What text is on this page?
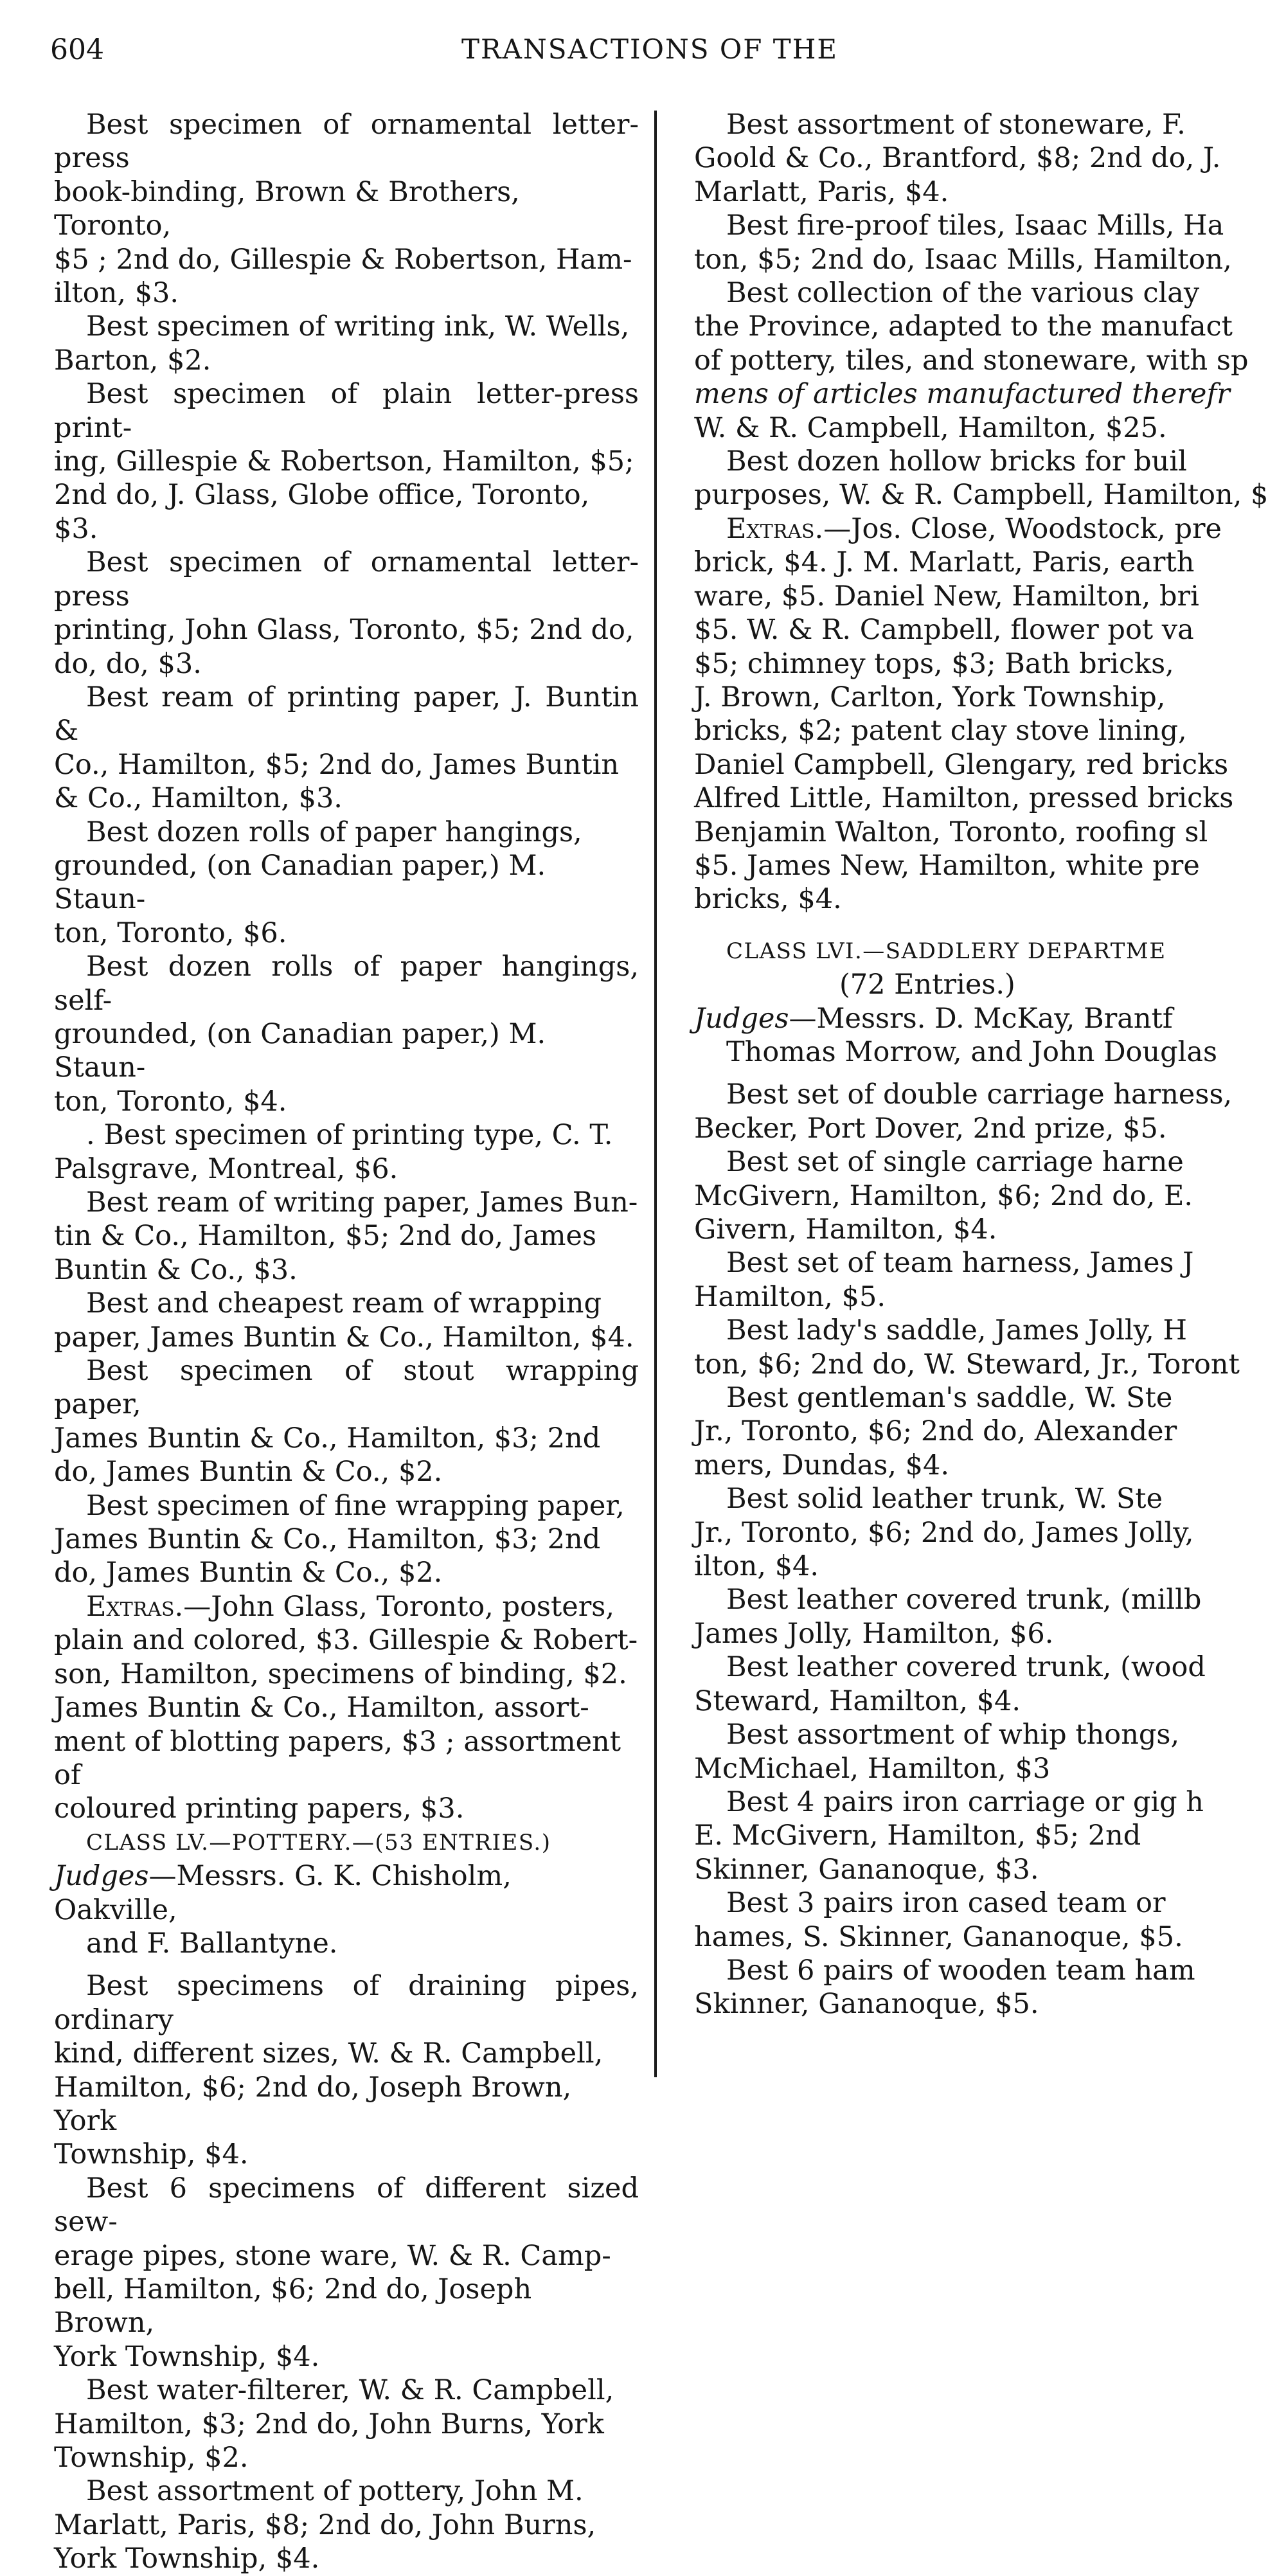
604	TRANSACTIONS OF THE

Best specimen of ornamental letter-press

book-binding, Brown & Brothers, Toronto,
$5 ; 2nd do, Gillespie & Robertson, Ham-
ilton, $3.

Best specimen of writing ink, W. Wells,

Barton, $2.

Best specimen of plain letter-press print-

ing, Gillespie & Robertson, Hamilton, $5;
2nd do, J. Glass, Globe office, Toronto, $3.

Best specimen of ornamental letter-press

printing, John Glass, Toronto, $5; 2nd do,
do, do, $3.

Best ream of printing paper, J. Buntin &

Co., Hamilton, $5; 2nd do, James Buntin
& Co., Hamilton, $3.

Best dozen rolls of paper hangings,

grounded, (on Canadian paper,) M. Staun-
ton, Toronto, $6.

Best dozen rolls of paper hangings, self-

grounded, (on Canadian paper,) M. Staun-
ton, Toronto, $4.

. Best specimen of printing type, C. T.

Palsgrave, Montreal, $6.

Best ream of writing paper, James Bun-

tin & Co., Hamilton, $5; 2nd do, James
Buntin & Co., $3.

Best and cheapest ream of wrapping

paper, James Buntin & Co., Hamilton, $4.

Best specimen of stout wrapping paper,

James Buntin & Co., Hamilton, $3; 2nd
do, James Buntin & Co., $2.

Best specimen of fine wrapping paper,

James Buntin & Co., Hamilton, $3; 2nd
do, James Buntin & Co., $2.

Extras.—John Glass, Toronto, posters,

plain and colored, $3. Gillespie & Robert-
son, Hamilton, specimens of binding, $2.
James Buntin & Co., Hamilton, assort-
ment of blotting papers, $3 ; assortment of
coloured printing papers, $3.

CLASS LV.—POTTERY.—(53 ENTRIES.)

Judges—Messrs. G. K. Chisholm, Oakville,
and F. Ballantyne.

Best specimens of draining pipes, ordinary

kind, different sizes, W. & R. Campbell,
Hamilton, $6; 2nd do, Joseph Brown, York
Township, $4.

Best 6 specimens of different sized sew-

erage pipes, stone ware, W. & R. Camp-
bell, Hamilton, $6; 2nd do, Joseph Brown,
York Township, $4.

Best water-filterer, W. & R. Campbell,

Hamilton, $3; 2nd do, John Burns, York
Township, $2.

Best assortment of pottery, John M.

Marlatt, Paris, $8; 2nd do, John Burns,
York Township, $4.

Best assortment of stoneware, F.

Goold & Co., Brantford, $8; 2nd do, J.
Marlatt, Paris, $4.

Best fire-proof tiles, Isaac Mills, Ha

ton, $5; 2nd do, Isaac Mills, Hamilton,

Best collection of the various clay

the Province, adapted to the manufact
of pottery, tiles, and stoneware, with sp
mens of articles manufactured therefr
W. & R. Campbell, Hamilton, $25.

Best dozen hollow bricks for buil

purposes, W. & R. Campbell, Hamilton, $

Extras.—Jos. Close, Woodstock, pre

brick, $4. J. M. Marlatt, Paris, earth
ware, $5. Daniel New, Hamilton, bri
$5. W. & R. Campbell, flower pot va
$5; chimney tops, $3; Bath bricks,
J. Brown, Carlton, York Township,
bricks, $2; patent clay stove lining,
Daniel Campbell, Glengary, red bricks
Alfred Little, Hamilton, pressed bricks
Benjamin Walton, Toronto, roofing sl
$5. James New, Hamilton, white pre
bricks, $4.

CLASS LVI.—SADDLERY DEPARTME

(72 Entries.)

Judges—Messrs. D. McKay, Brantf
Thomas Morrow, and John Douglas

Best set of double carriage harness,

Becker, Port Dover, 2nd prize, $5.

Best set of single carriage harne

McGivern, Hamilton, $6; 2nd do, E.
Givern, Hamilton, $4.

Best set of team harness, James J

Hamilton, $5.

Best lady's saddle, James Jolly, H

ton, $6; 2nd do, W. Steward, Jr., Toront

Best gentleman's saddle, W. Ste

Jr., Toronto, $6; 2nd do, Alexander
mers, Dundas, $4.

Best solid leather trunk, W. Ste

Jr., Toronto, $6; 2nd do, James Jolly,
ilton, $4.

Best leather covered trunk, (millb

James Jolly, Hamilton, $6.

Best leather covered trunk, (wood

Steward, Hamilton, $4.

Best assortment of whip thongs,

McMichael, Hamilton, $3

Best 4 pairs iron carriage or gig h

E. McGivern, Hamilton, $5; 2nd
Skinner, Gananoque, $3.

Best 3 pairs iron cased team or

hames, S. Skinner, Gananoque, $5.

Best 6 pairs of wooden team ham

Skinner, Gananoque, $5.
